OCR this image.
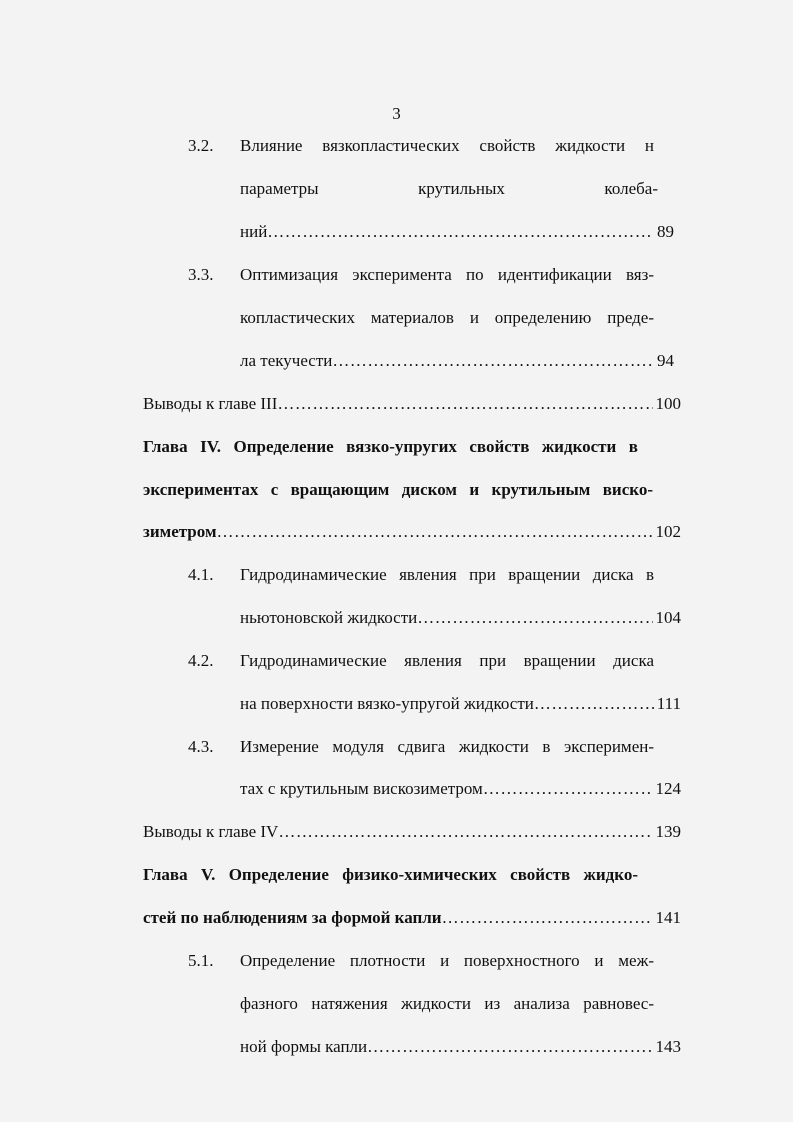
3
3.2. Влияние вязкопластических свойств жидкости н
параметры	крутильных	колеба-
ний …………………………………………………………………………………………………………………………………………………	89
3.3. Оптимизация эксперимента по идентификации вяз-
копластических материалов и определению преде-
ла текучести …………………………………………………………………………………………………………………………………………………	94
Выводы к главе III …………………………………………………………………………………………………………………………………………………	100
Глава IV. Определение вязко-упругих свойств жидкости в
экспериментах с вращающим диском и крутильным виско-
зиметром …………………………………………………………………………………………………………………………………………………	102
4.1. Гидродинамические явления при вращении диска в
ньютоновской жидкости …………………………………………………………………………………………………………………………………………………	104
4.2. Гидродинамические явления при вращении диска
на поверхности вязко-упругой жидкости …………………………………………………………………………………………………………………………………………………	111
4.3. Измерение модуля сдвига жидкости в эксперимен-
тах с крутильным вискозиметром …………………………………………………………………………………………………………………………………………………	124
Выводы к главе IV …………………………………………………………………………………………………………………………………………………	139
Глава V. Определение физико-химических свойств жидко-
стей по наблюдениям за формой капли …………………………………………………………………………………………………………………………………………………	141
5.1. Определение плотности и поверхностного и меж-
фазного натяжения жидкости из анализа равновес-
ной формы капли …………………………………………………………………………………………………………………………………………………	143
